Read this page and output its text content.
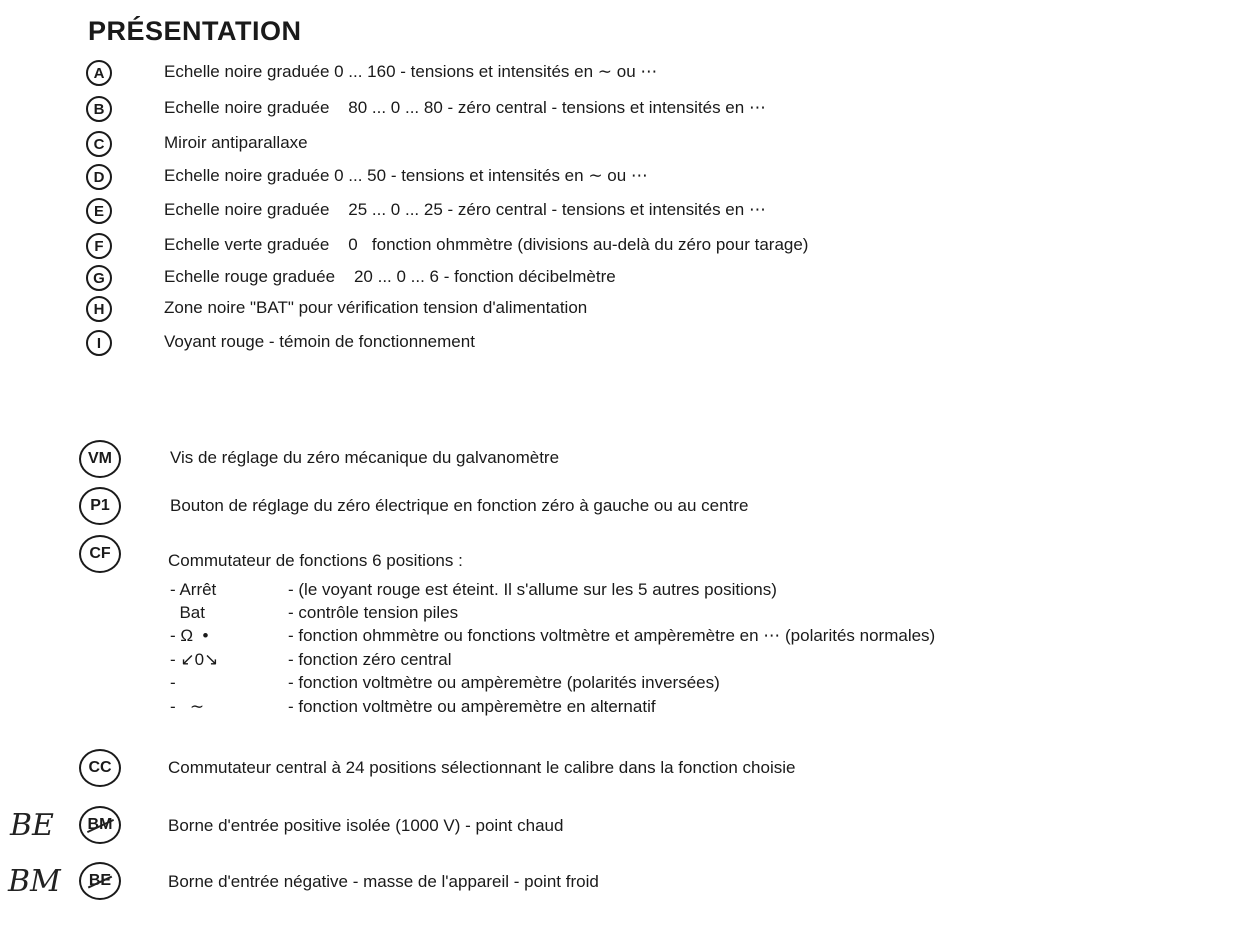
PRÉSENTATION
A	Echelle noire graduée 0 ... 160 - tensions et intensités en ∼ ou ⋯
B	Echelle noire graduée    80 ... 0 ... 80 - zéro central - tensions et intensités en ⋯
C	Miroir antiparallaxe
D	Echelle noire graduée 0 ... 50 - tensions et intensités en ∼ ou ⋯
E	Echelle noire graduée    25 ... 0 ... 25 - zéro central - tensions et intensités en ⋯
F	Echelle verte graduée    0   fonction ohmmètre (divisions au-delà du zéro pour tarage)
G	Echelle rouge graduée    20 ... 0 ... 6 - fonction décibelmètre
H	Zone noire "BAT" pour vérification tension d'alimentation
I	Voyant rouge - témoin de fonctionnement
VM	Vis de réglage du zéro mécanique du galvanomètre
P1	Bouton de réglage du zéro électrique en fonction zéro à gauche ou au centre
CF	Commutateur de fonctions 6 positions :
- Arrêt	- (le voyant rouge est éteint. Il s'allume sur les 5 autres positions)
Bat	- contrôle tension piles
- Ω  •	- fonction ohmmètre ou fonctions voltmètre et ampèremètre en ⋯ (polarités normales)
- ↙0↘	- fonction zéro central
-	- fonction voltmètre ou ampèremètre (polarités inversées)
-   ∼	- fonction voltmètre ou ampèremètre en alternatif
CC	Commutateur central à 24 positions sélectionnant le calibre dans la fonction choisie
BE BM	Borne d'entrée positive isolée (1000 V) - point chaud
BM BE	Borne d'entrée négative - masse de l'appareil - point froid
